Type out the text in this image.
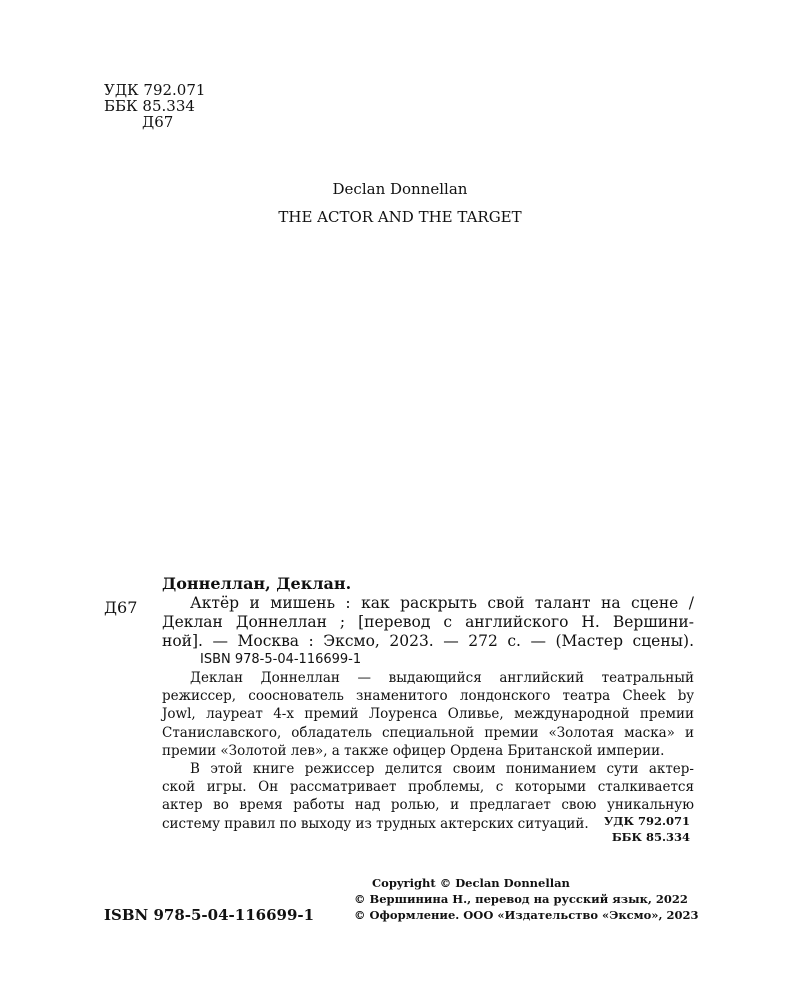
УДК 792.071
ББК 85.334
Д67
Declan Donnellan
THE ACTOR AND THE TARGET
Д67
Доннеллан, Деклан.
Актёр и мишень : как раскрыть свой талант на сцене /
Деклан Доннеллан ; [перевод с английского Н. Вершини-
ной]. — Москва : Эксмо, 2023. — 272 с. — (Мастер сцены).
ISBN 978-5-04-116699-1
Деклан Доннеллан — выдающийся английский театральный
режиссер, сооснователь знаменитого лондонского театра Cheek by
Jowl, лауреат 4-х премий Лоуренса Оливье, международной премии
Станиславского, обладатель специальной премии «Золотая маска» и
премии «Золотой лев», а также офицер Ордена Британской империи.
В этой книге режиссер делится своим пониманием сути актер-
ской игры. Он рассматривает проблемы, с которыми сталкивается
актер во время работы над ролью, и предлагает свою уникальную
систему правил по выходу из трудных актерских ситуаций.	УДК 792.071
ББК 85.334
Copyright © Declan Donnellan
© Вершинина Н., перевод на русский язык, 2022
© Оформление. ООО «Издательство «Эксмо», 2023
ISBN 978-5-04-116699-1
